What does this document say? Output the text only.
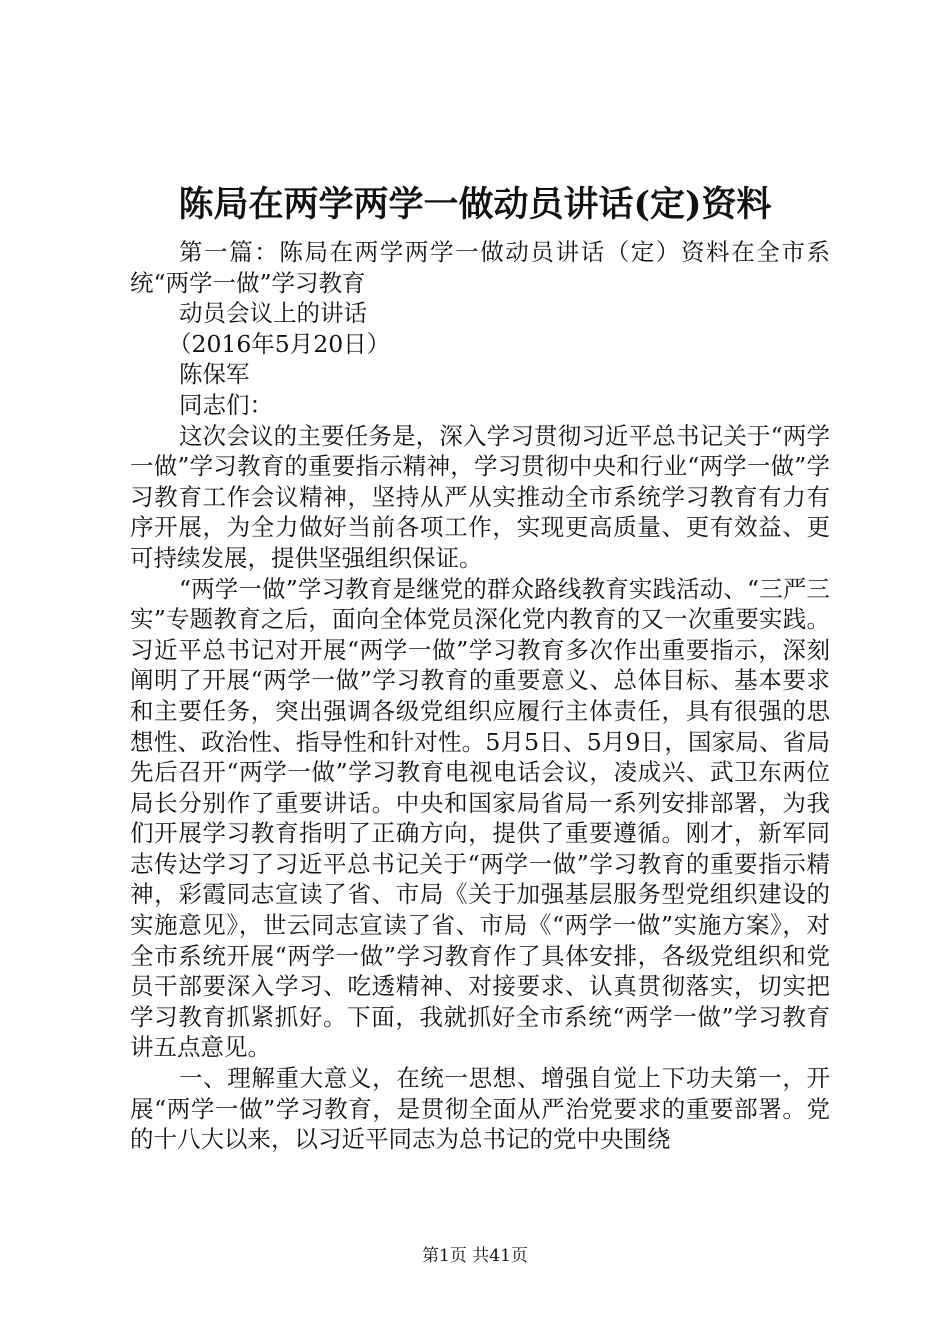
陈局在两学两学一做动员讲话(定)资料

第一篇：陈局在两学两学一做动员讲话（定）资料在全市系统“两学一做”学习教育

动员会议上的讲话

（2016年5月20日）

陈保军

同志们：

这次会议的主要任务是，深入学习贯彻习近平总书记关于“两学一做”学习教育的重要指示精神，学习贯彻中央和行业“两学一做”学习教育工作会议精神，坚持从严从实推动全市系统学习教育有力有序开展，为全力做好当前各项工作，实现更高质量、更有效益、更可持续发展，提供坚强组织保证。

“两学一做”学习教育是继党的群众路线教育实践活动、“三严三实”专题教育之后，面向全体党员深化党内教育的又一次重要实践。习近平总书记对开展“两学一做”学习教育多次作出重要指示，深刻阐明了开展“两学一做”学习教育的重要意义、总体目标、基本要求和主要任务，突出强调各级党组织应履行主体责任，具有很强的思想性、政治性、指导性和针对性。5月5日、5月9日，国家局、省局先后召开“两学一做”学习教育电视电话会议，凌成兴、武卫东两位局长分别作了重要讲话。中央和国家局省局一系列安排部署，为我们开展学习教育指明了正确方向，提供了重要遵循。刚才，新军同志传达学习了习近平总书记关于“两学一做”学习教育的重要指示精神，彩霞同志宣读了省、市局《关于加强基层服务型党组织建设的实施意见》，世云同志宣读了省、市局《“两学一做”实施方案》，对全市系统开展“两学一做”学习教育作了具体安排，各级党组织和党员干部要深入学习、吃透精神、对接要求、认真贯彻落实，切实把学习教育抓紧抓好。下面，我就抓好全市系统“两学一做”学习教育讲五点意见。

一、理解重大意义，在统一思想、增强自觉上下功夫第一，开展“两学一做”学习教育，是贯彻全面从严治党要求的重要部署。党的十八大以来，以习近平同志为总书记的党中央围绕

第1页 共41页
